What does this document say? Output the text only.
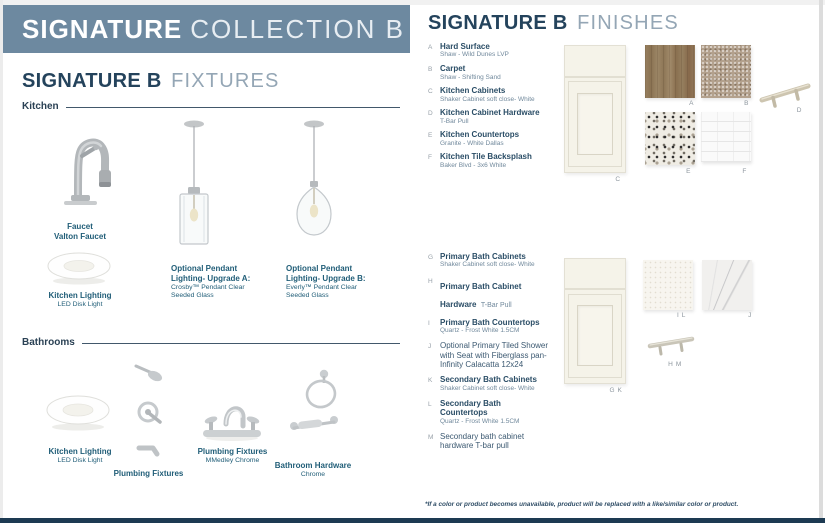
SIGNATURE COLLECTION B
SIGNATURE B FIXTURES
Kitchen
Faucet
Valton Faucet
Kitchen Lighting
LED Disk Light
Optional Pendant
Lighting- Upgrade A:
Crosby™ Pendant Clear
Seeded Glass
Optional Pendant
Lighting- Upgrade B:
Everly™ Pendant Clear
Seeded Glass
Bathrooms
Kitchen Lighting
LED Disk Light
Plumbing Fixtures
Plumbing Fixtures
MMedley Chrome
Bathroom Hardware
Chrome
SIGNATURE B FINISHES
A Hard Surface
Shaw - Wild Dunes LVP
B Carpet
Shaw - Shifting Sand
C Kitchen Cabinets
Shaker Cabinet soft close- White
D Kitchen Cabinet Hardware
T-Bar Pull
E Kitchen Countertops
Granite - White Dallas
F	Kitchen Tile Backsplash
Baker Blvd - 3x6 White
G Primary Bath Cabinets
Shaker Cabinet soft close- White
H
Primary Bath Cabinet Hardware T-Bar Pull
I	Primary Bath Countertops
Quartz - Frost White 1.5CM
J	Optional Primary Tiled Shower with Seat with Fiberglass pan- Infinity Calacatta 12x24
K Secondary Bath Cabinets
Shaker Cabinet soft close- White
L	Secondary Bath Countertops
Quartz - Frost White 1.5CM
M Secondary bath cabinet hardware T-bar pull
A	B
C
D
E	F
G K
I L	J
H M
*If a color or product becomes unavailable, product will be replaced with a like/similar color or product.
